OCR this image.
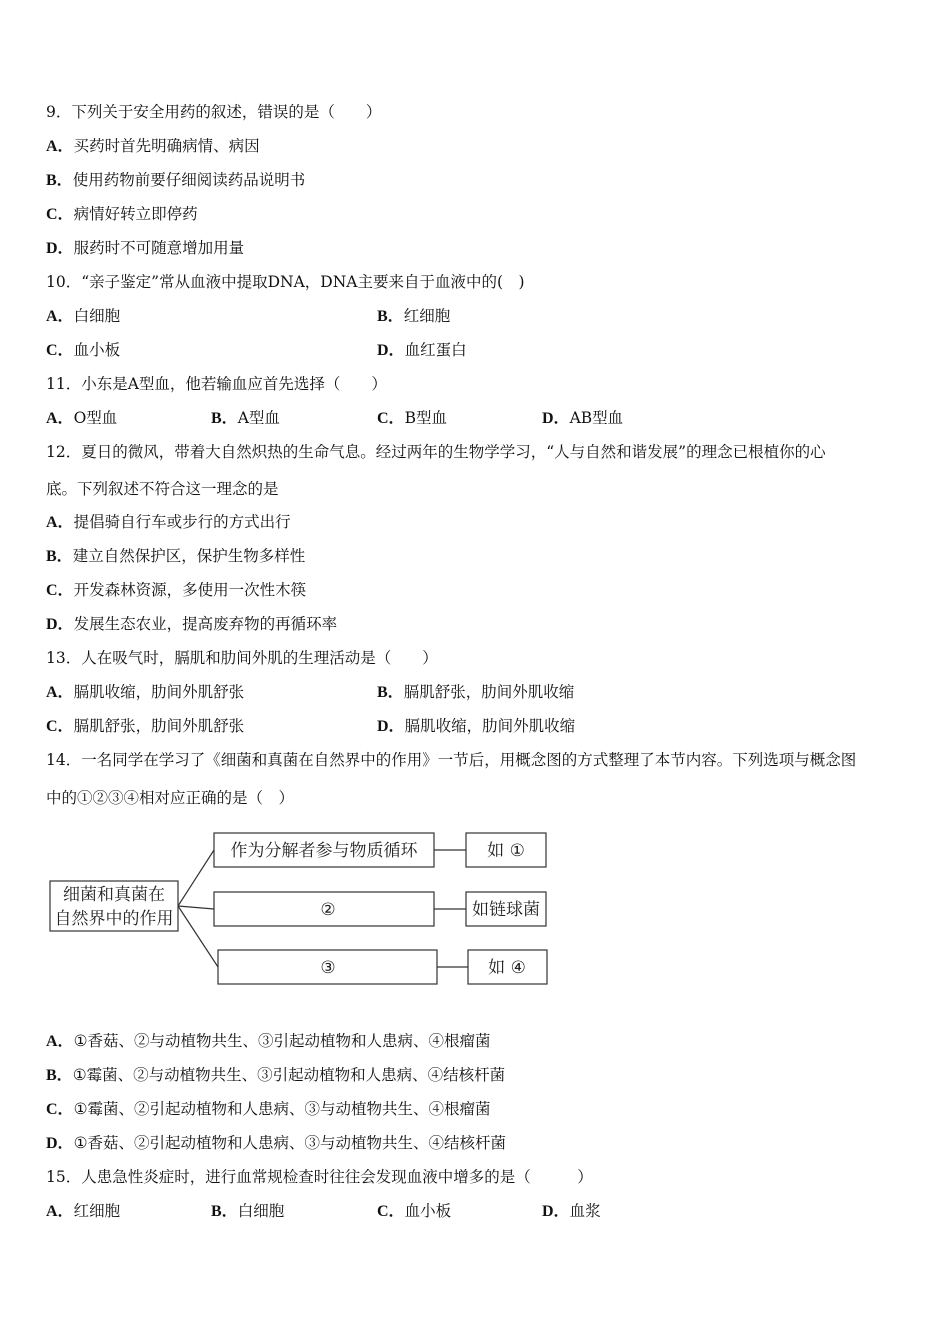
9．下列关于安全用药的叙述，错误的是（　　）
A．买药时首先明确病情、病因
B．使用药物前要仔细阅读药品说明书
C．病情好转立即停药
D．服药时不可随意增加用量
10．“亲子鉴定”常从血液中提取DNA，DNA主要来自于血液中的(　)
A．白细胞	B．红细胞
C．血小板	D．血红蛋白
11．小东是A型血，他若输血应首先选择（　　）
A．O型血	B．A型血	C．B型血	D．AB型血
12．夏日的微风，带着大自然炽热的生命气息。经过两年的生物学学习，“人与自然和谐发展”的理念已根植你的心
底。下列叙述不符合这一理念的是
A．提倡骑自行车或步行的方式出行
B．建立自然保护区，保护生物多样性
C．开发森林资源，多使用一次性木筷
D．发展生态农业，提高废弃物的再循环率
13．人在吸气时，膈肌和肋间外肌的生理活动是（　　）
A．膈肌收缩，肋间外肌舒张	B．膈肌舒张，肋间外肌收缩
C．膈肌舒张，肋间外肌舒张	D．膈肌收缩，肋间外肌收缩
14．一名同学在学习了《细菌和真菌在自然界中的作用》一节后，用概念图的方式整理了本节内容。下列选项与概念图
中的①②③④相对应正确的是（　）
细菌和真菌在
自然界中的作用
作为分解者参与物质循环
②
③
如 ①
如链球菌
如 ④
A．①香菇、②与动植物共生、③引起动植物和人患病、④根瘤菌
B．①霉菌、②与动植物共生、③引起动植物和人患病、④结核杆菌
C．①霉菌、②引起动植物和人患病、③与动植物共生、④根瘤菌
D．①香菇、②引起动植物和人患病、③与动植物共生、④结核杆菌
15．人患急性炎症时，进行血常规检查时往往会发现血液中增多的是（　　　）
A．红细胞	B．白细胞	C．血小板	D．血浆
